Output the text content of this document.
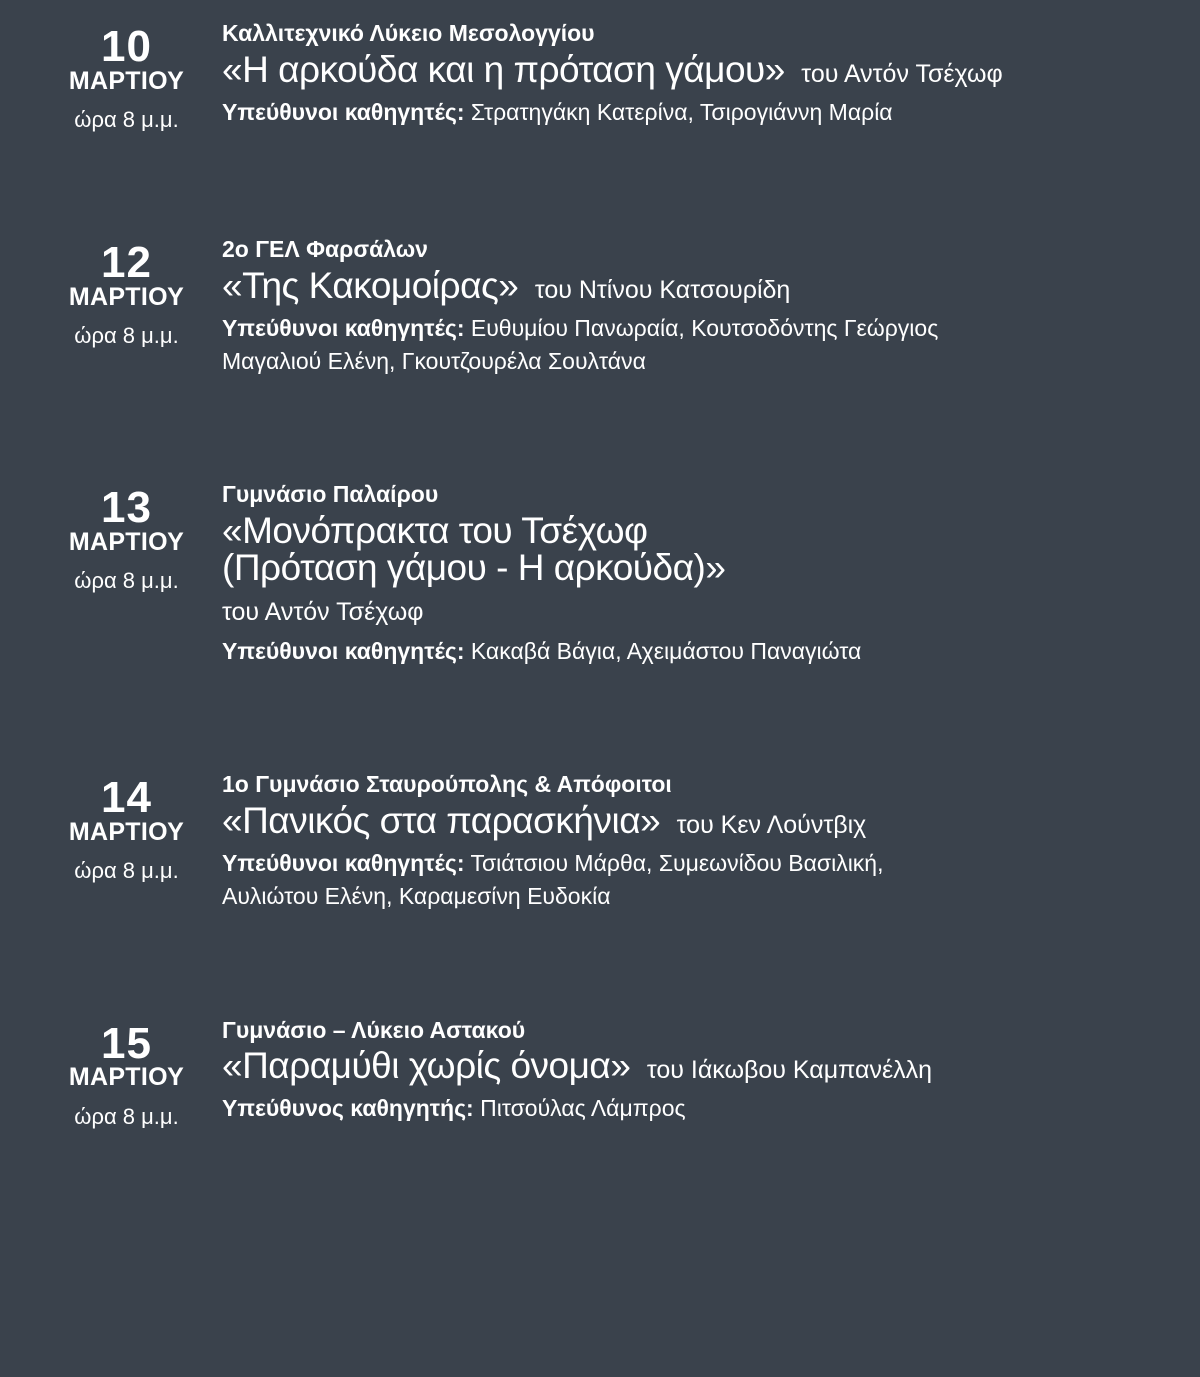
10
ΜΑΡΤΙΟΥ
ώρα 8 μ.μ.
Καλλιτεχνικό Λύκειο Μεσολογγίου
«Η αρκούδα και η πρόταση γάμου» του Αντόν Τσέχωφ
Υπεύθυνοι καθηγητές: Στρατηγάκη Κατερίνα, Τσιρογιάννη Μαρία
12
ΜΑΡΤΙΟΥ
ώρα 8 μ.μ.
2ο ΓΕΛ Φαρσάλων
«Της Κακομοίρας» του Ντίνου Κατσουρίδη
Υπεύθυνοι καθηγητές: Ευθυμίου Πανωραία, Κουτσοδόντης Γεώργιος
Μαγαλιού Ελένη, Γκουτζουρέλα Σουλτάνα
13
ΜΑΡΤΙΟΥ
ώρα 8 μ.μ.
Γυμνάσιο Παλαίρου
«Μονόπρακτα του Τσέχωφ
(Πρόταση γάμου - Η αρκούδα)»
του Αντόν Τσέχωφ
Υπεύθυνοι καθηγητές: Κακαβά Βάγια, Αχειμάστου Παναγιώτα
14
ΜΑΡΤΙΟΥ
ώρα 8 μ.μ.
1ο Γυμνάσιο Σταυρούπολης & Απόφοιτοι
«Πανικός στα παρασκήνια» του Κεν Λούντβιχ
Υπεύθυνοι καθηγητές: Τσιάτσιου Μάρθα, Συμεωνίδου Βασιλική,
Αυλιώτου Ελένη, Καραμεσίνη Ευδοκία
15
ΜΑΡΤΙΟΥ
ώρα 8 μ.μ.
Γυμνάσιο – Λύκειο Αστακού
«Παραμύθι χωρίς όνομα» του Ιάκωβου Καμπανέλλη
Υπεύθυνος καθηγητής: Πιτσούλας Λάμπρος
